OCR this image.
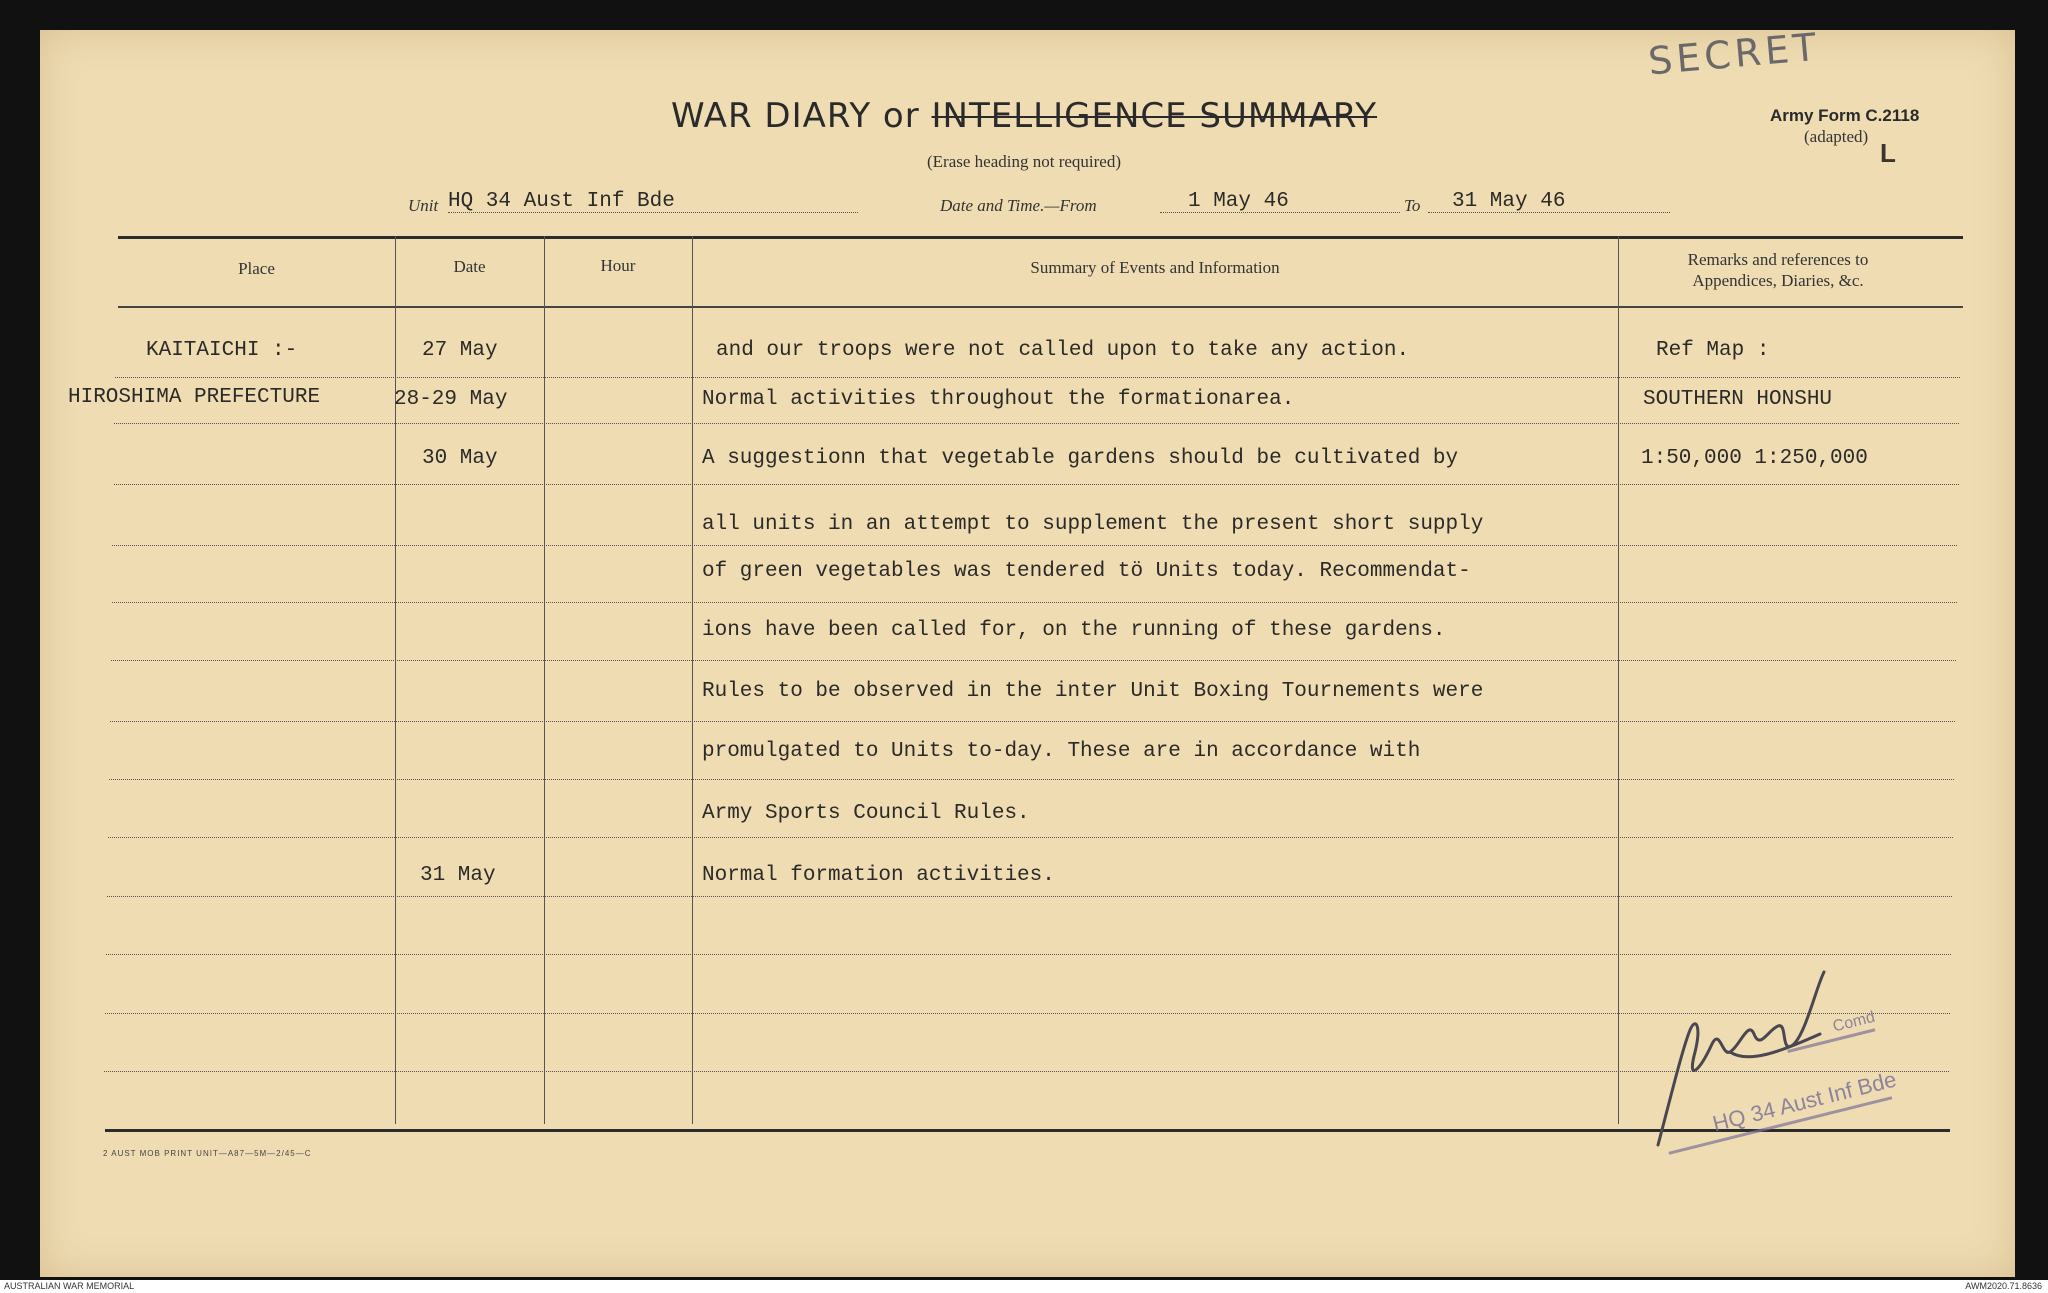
SECRET
WAR DIARY or INTELLIGENCE SUMMARY
(Erase heading not required)
Army Form C.2118
(adapted)
L
Unit HQ 34 Aust Inf Bde	Date and Time.—From	1 May 46	To 31 May 46
Place	Date	Hour	Summary of Events and Information	Remarks and references to Appendices, Diaries, &c.
KAITAICHI :-	27 May	and our troops were not called upon to take any action.	Ref Map :
HIROSHIMA PREFECTURE	28-29 May	Normal activities throughout the formationarea.	SOUTHERN HONSHU
30 May	A suggestionn that vegetable gardens should be cultivated by	1:50,000 1:250,000
all units in an attempt to supplement the present short supply
of green vegetables was tendered tö Units today. Recommendat-
ions have been called for, on the running of these gardens.
Rules to be observed in the inter Unit Boxing Tournements were
promulgated to Units to-day. These are in accordance with
Army Sports Council Rules.
31 May	Normal formation activities.
HQ 34 Aust Inf Bde
Comd
2 AUST MOB PRINT UNIT—A87—5M—2/45—C
AUSTRALIAN WAR MEMORIAL	AWM2020.71.8636
